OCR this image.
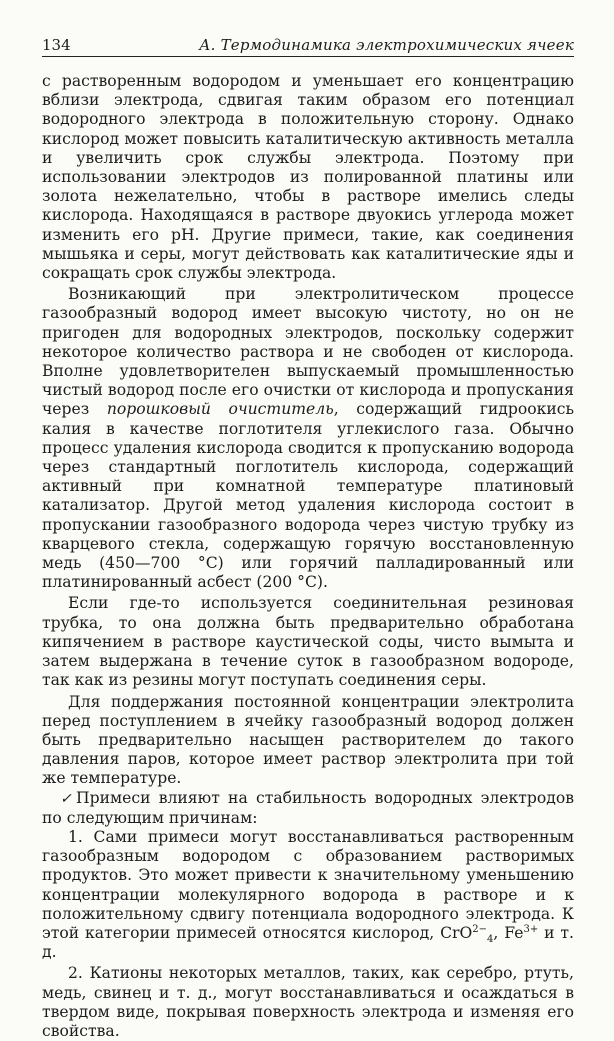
134	А. Термодинамика электрохимических ячеек

с растворенным водородом и уменьшает его концентрацию вблизи электрода, сдвигая таким образом его потенциал водородного электрода в положительную сторону. Однако кислород может повысить каталитическую активность металла и увеличить срок службы электрода. Поэтому при использовании электродов из полированной платины или золота нежелательно, чтобы в растворе имелись следы кислорода. Находящаяся в растворе двуокись углерода может изменить его pH. Другие примеси, такие, как соединения мышьяка и серы, могут действовать как каталитические яды и сокращать срок службы электрода.

Возникающий при электролитическом процессе газообразный водород имеет высокую чистоту, но он не пригоден для водородных электродов, поскольку содержит некоторое количество раствора и не свободен от кислорода. Вполне удовлетворителен выпускаемый промышленностью чистый водород после его очистки от кислорода и пропускания через порошковый очиститель, содержащий гидроокись калия в качестве поглотителя углекислого газа. Обычно процесс удаления кислорода сводится к пропусканию водорода через стандартный поглотитель кислорода, содержащий активный при комнатной температуре платиновый катализатор. Другой метод удаления кислорода состоит в пропускании газообразного водорода через чистую трубку из кварцевого стекла, содержащую горячую восстановленную медь (450—700 °C) или горячий палладированный или платинированный асбест (200 °C).

Если где-то используется соединительная резиновая трубка, то она должна быть предварительно обработана кипячением в растворе каустической соды, чисто вымыта и затем выдержана в течение суток в газообразном водороде, так как из резины могут поступать соединения серы.

Для поддержания постоянной концентрации электролита перед поступлением в ячейку газообразный водород должен быть предварительно насыщен растворителем до такого давления паров, которое имеет раствор электролита при той же температуре.

✓Примеси влияют на стабильность водородных электродов по следующим причинам:

1. Сами примеси могут восстанавливаться растворенным газообразным водородом с образованием растворимых продуктов. Это может привести к значительному уменьшению концентрации молекулярного водорода в растворе и к положительному сдвигу потенциала водородного электрода. К этой категории примесей относятся кислород, CrO$^{2-}_4$, $Fe^{3+}$ и т. д.

2. Катионы некоторых металлов, таких, как серебро, ртуть, медь, свинец и т. д., могут восстанавливаться и осаждаться в твердом виде, покрывая поверхность электрода и изменяя его свойства.
